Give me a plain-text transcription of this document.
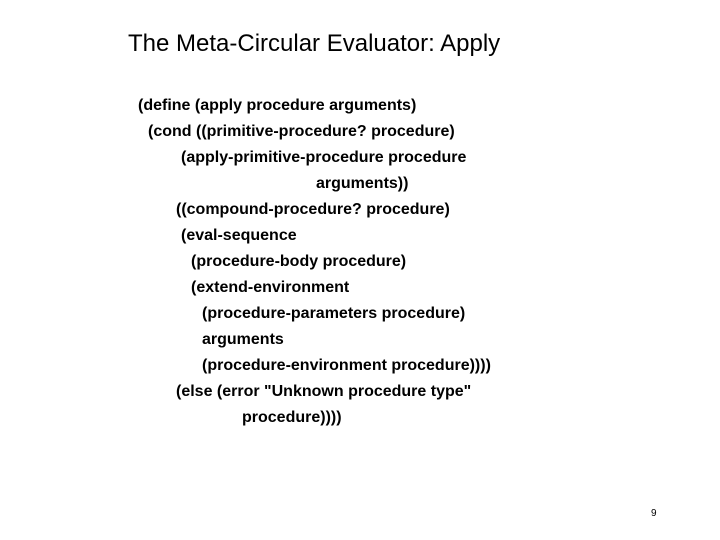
The Meta-Circular Evaluator: Apply
(define (apply procedure arguments)
(cond ((primitive-procedure? procedure)
(apply-primitive-procedure procedure
arguments))
((compound-procedure? procedure)
(eval-sequence
(procedure-body procedure)
(extend-environment
(procedure-parameters procedure)
arguments
(procedure-environment procedure))))
(else (error "Unknown procedure type"
procedure))))
9
